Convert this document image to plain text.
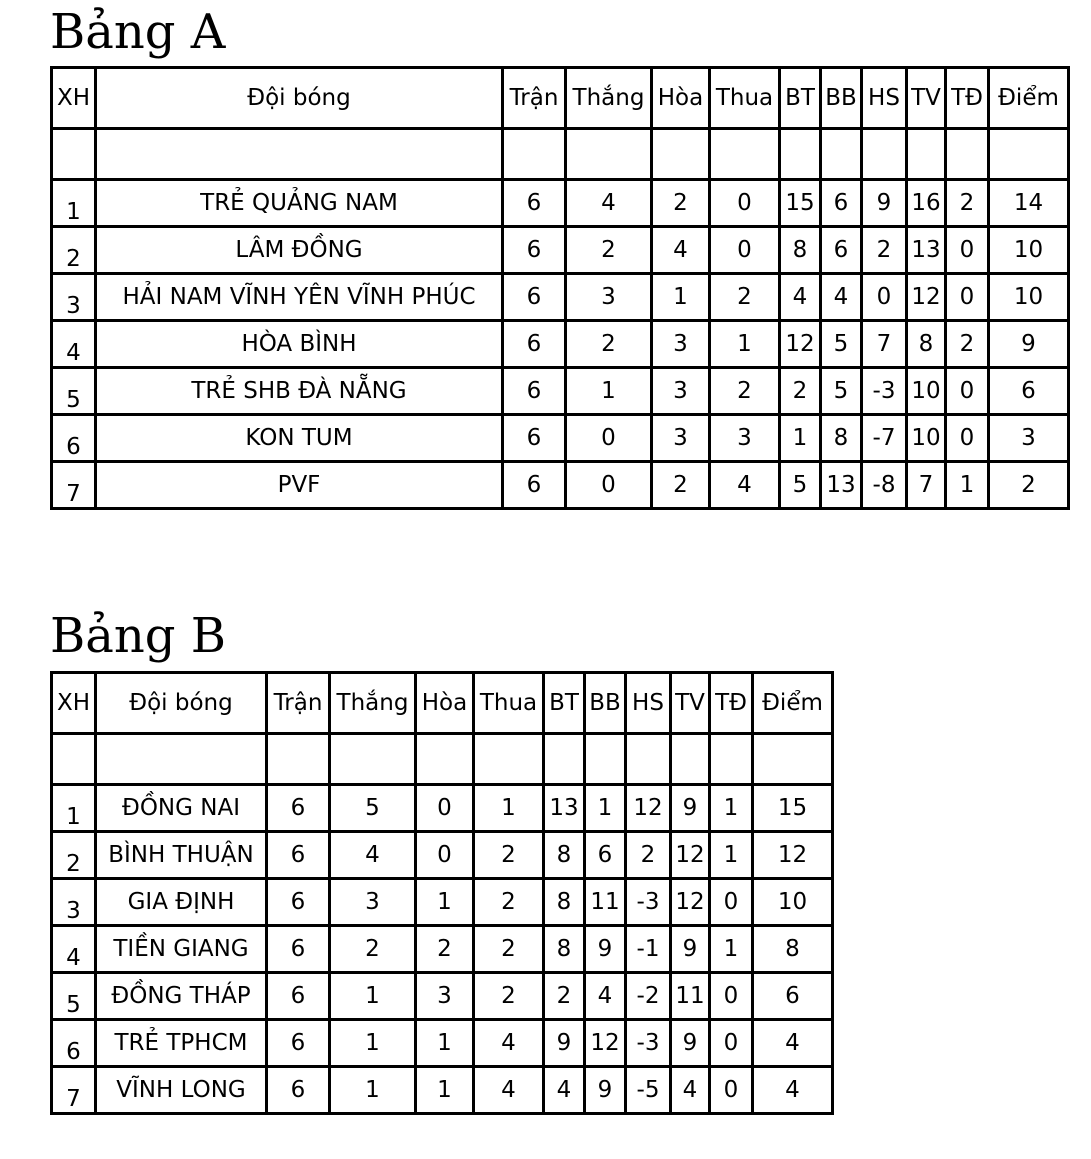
Bảng A
XH	Đội bóng	Trận	Thắng	Hòa	Thua	BT	BB	HS	TV	TĐ	Điểm

1	TRẺ QUẢNG NAM	6	4	2	0	15	6	9	16	2	14
2	LÂM ĐỒNG	6	2	4	0	8	6	2	13	0	10
3	HẢI NAM VĨNH YÊN VĨNH PHÚC	6	3	1	2	4	4	0	12	0	10
4	HÒA BÌNH	6	2	3	1	12	5	7	8	2	9
5	TRẺ SHB ĐÀ NẴNG	6	1	3	2	2	5	-3	10	0	6
6	KON TUM	6	0	3	3	1	8	-7	10	0	3
7	PVF	6	0	2	4	5	13	-8	7	1	2
Bảng B
XH	Đội bóng	Trận	Thắng	Hòa	Thua	BT	BB	HS	TV	TĐ	Điểm

1	ĐỒNG NAI	6	5	0	1	13	1	12	9	1	15
2	BÌNH THUẬN	6	4	0	2	8	6	2	12	1	12
3	GIA ĐỊNH	6	3	1	2	8	11	-3	12	0	10
4	TIỀN GIANG	6	2	2	2	8	9	-1	9	1	8
5	ĐỒNG THÁP	6	1	3	2	2	4	-2	11	0	6
6	TRẺ TPHCM	6	1	1	4	9	12	-3	9	0	4
7	VĨNH LONG	6	1	1	4	4	9	-5	4	0	4
